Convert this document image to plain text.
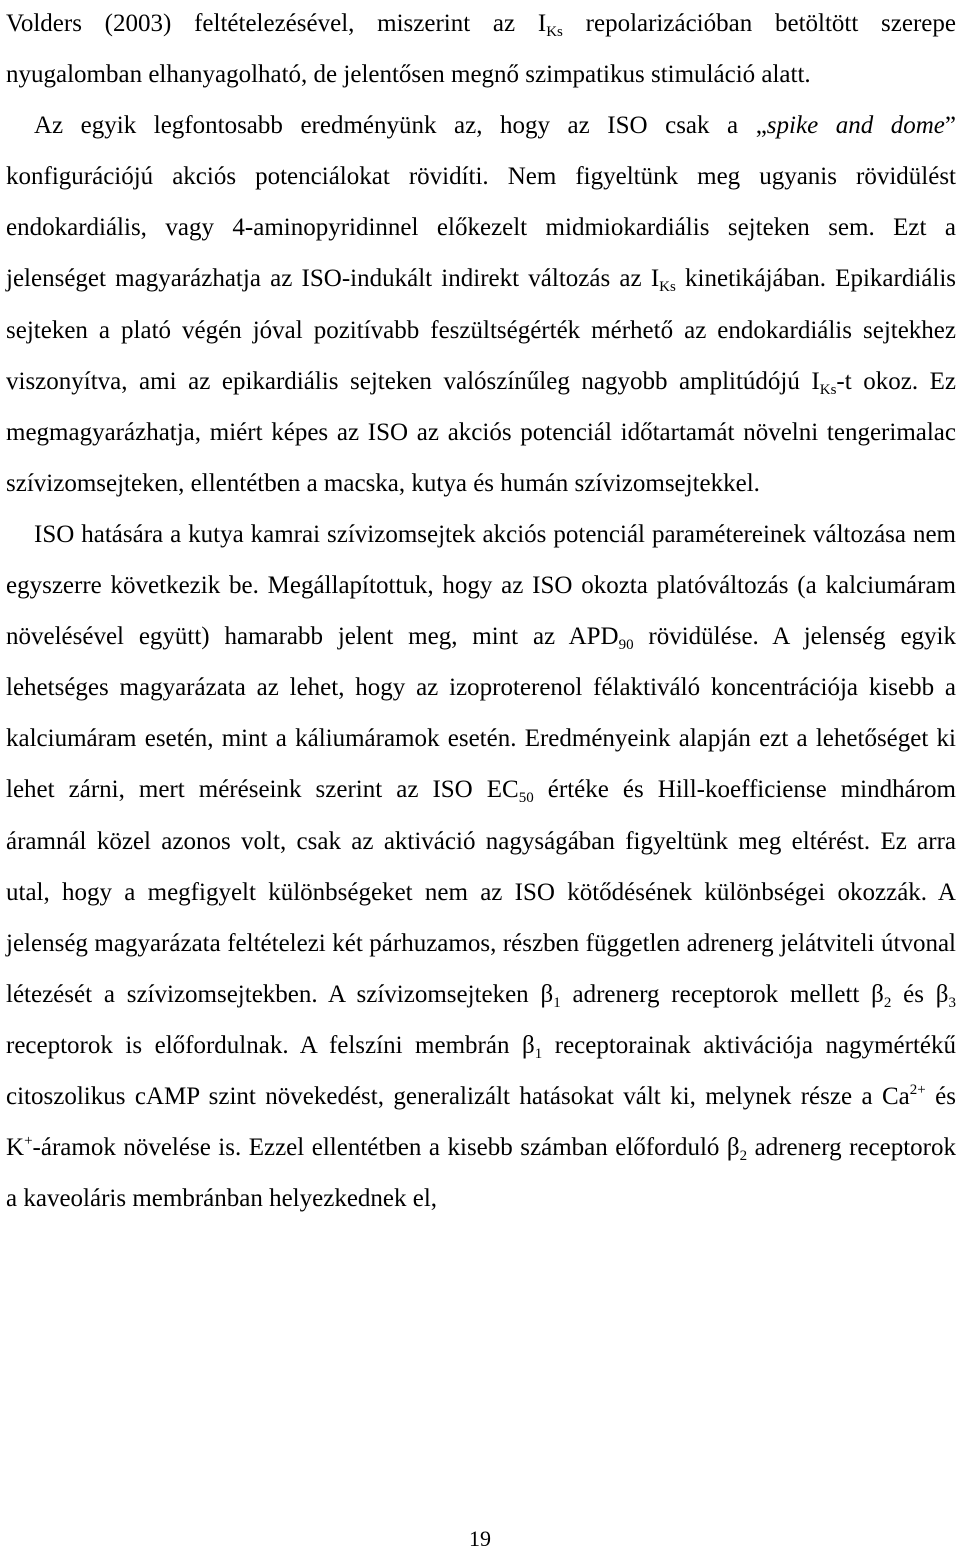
Volders (2003) feltételezésével, miszerint az $I_{Ks}$ repolarizációban betöltött szerepe nyugalomban elhanyagolható, de jelentősen megnő szimpatikus stimuláció alatt.

Az egyik legfontosabb eredményünk az, hogy az ISO csak a „spike and dome” konfigurációjú akciós potenciálokat rövidíti. Nem figyeltünk meg ugyanis rövidülést endokardiális, vagy 4-aminopyridinnel előkezelt midmiokardiális sejteken sem. Ezt a jelenséget magyarázhatja az ISO-indukált indirekt változás az $I_{Ks}$ kinetikájában. Epikardiális sejteken a plató végén jóval pozitívabb feszültségérték mérhető az endokardiális sejtekhez viszonyítva, ami az epikardiális sejteken valószínűleg nagyobb amplitúdójú $I_{Ks}-t$ okoz. Ez megmagyarázhatja, miért képes az ISO az akciós potenciál időtartamát növelni tengerimalac szívizomsejteken, ellentétben a macska, kutya és humán szívizomsejtekkel.

ISO hatására a kutya kamrai szívizomsejtek akciós potenciál paramétereinek változása nem egyszerre következik be. Megállapítottuk, hogy az ISO okozta platóváltozás (a kalciumáram növelésével együtt) hamarabb jelent meg, mint az $APD_{90}$ rövidülése. A jelenség egyik lehetséges magyarázata az lehet, hogy az izoproterenol félaktiváló koncentrációja kisebb a kalciumáram esetén, mint a káliumáramok esetén. Eredményeink alapján ezt a lehetőséget ki lehet zárni, mert méréseink szerint az ISO $EC_{50}$ értéke és Hill-koefficiense mindhárom áramnál közel azonos volt, csak az aktiváció nagyságában figyeltünk meg eltérést. Ez arra utal, hogy a megfigyelt különbségeket nem az ISO kötődésének különbségei okozzák. A jelenség magyarázata feltételezi két párhuzamos, részben független adrenerg jelátviteli útvonal létezését a szívizomsejtekben. A szívizomsejteken $\beta_1$ adrenerg receptorok mellett $\beta_2$ és $\beta_3$ receptorok is előfordulnak. A felszíni membrán $\beta_1$ receptorainak aktivációja nagymértékű citoszolikus cAMP szint növekedést, generalizált hatásokat vált ki, melynek része a $Ca^{2+}$ és K+-áramok növelése is. Ezzel ellentétben a kisebb számban előforduló $\beta_2$ adrenerg receptorok a kaveoláris membránban helyezkednek el,

19
